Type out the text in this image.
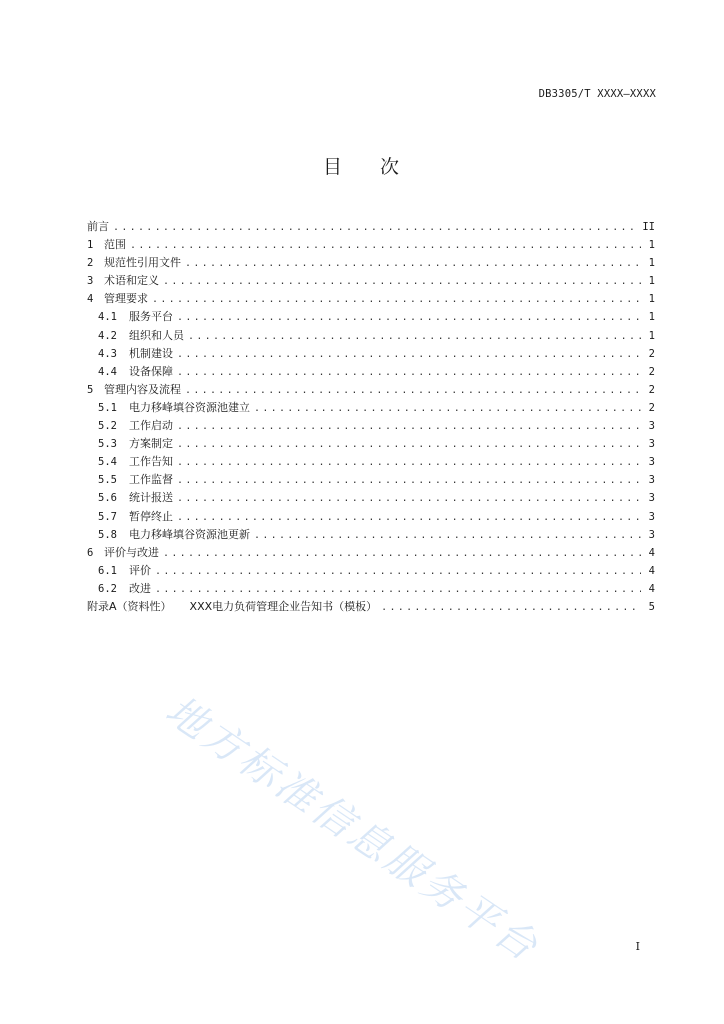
DB3305/T XXXX—XXXX
目 次
前言 .....	II
1 范围 .....	1
2 规范性引用文件 .....	1
3 术语和定义 .....	1
4 管理要求 .....	1
4.1	服务平台 .....	1
4.2	组织和人员 .....	1
4.3	机制建设 .....	2
4.4	设备保障 .....	2
5 管理内容及流程 .....	2
5.1	电力移峰填谷资源池建立 .....	2
5.2	工作启动 .....	3
5.3	方案制定 .....	3
5.4	工作告知 .....	3
5.5	工作监督 .....	3
5.6	统计报送 .....	3
5.7	暂停终止 .....	3
5.8	电力移峰填谷资源池更新 .....	3
6 评价与改进 .....	4
6.1	评价 .....	4
6.2	改进 .....	4
附录A（资料性） XXX电力负荷管理企业告知书（模板） .....	5
地方标准信息服务平台	I
